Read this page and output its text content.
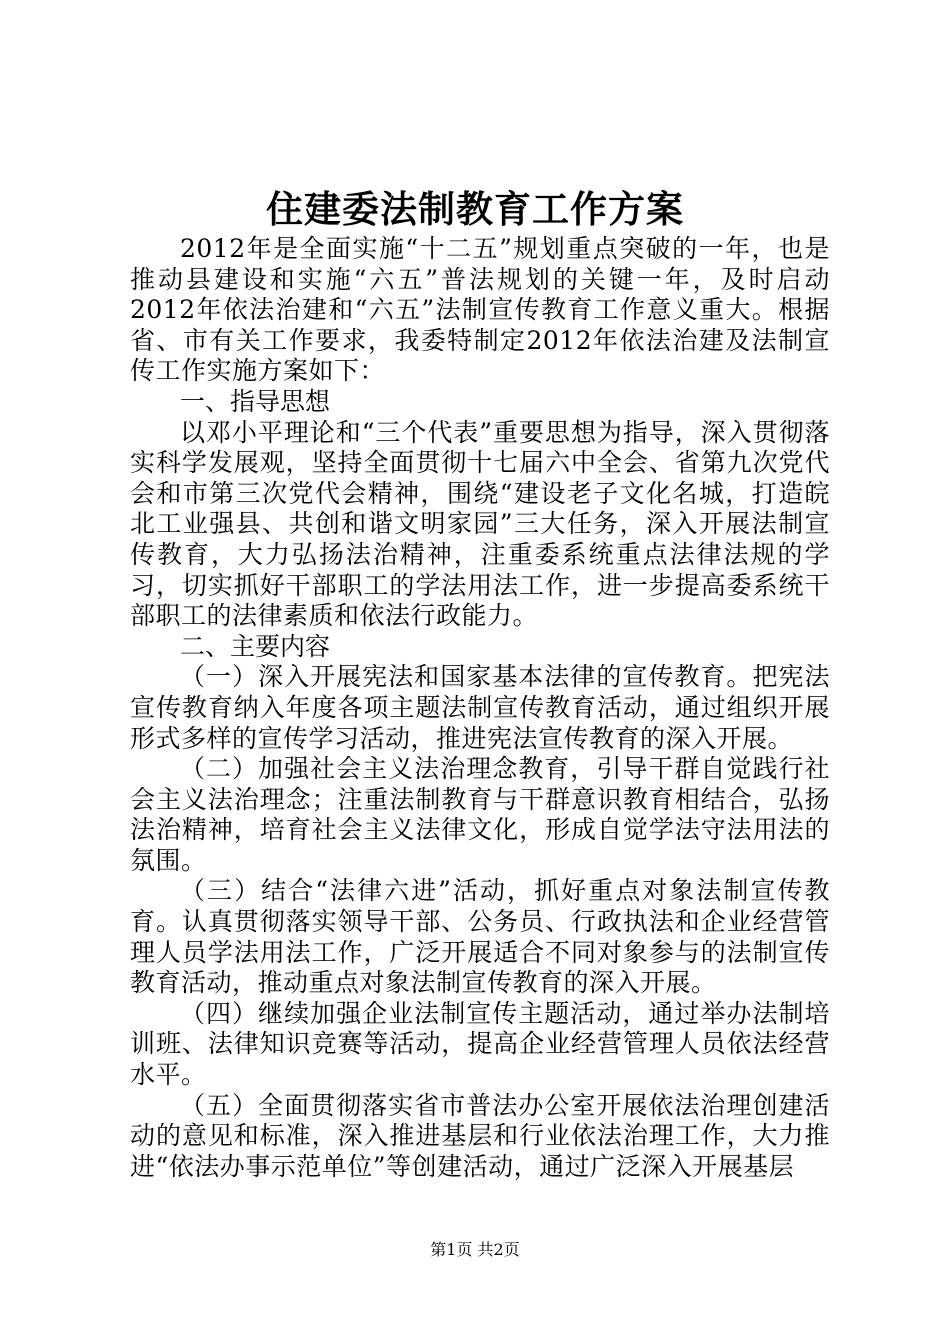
住建委法制教育工作方案

2012年是全面实施“十二五”规划重点突破的一年，也是推动县建设和实施“六五”普法规划的关键一年，及时启动2012年依法治建和“六五”法制宣传教育工作意义重大。根据省、市有关工作要求，我委特制定2012年依法治建及法制宣传工作实施方案如下：

一、指导思想

以邓小平理论和“三个代表”重要思想为指导，深入贯彻落实科学发展观，坚持全面贯彻十七届六中全会、省第九次党代会和市第三次党代会精神，围绕“建设老子文化名城，打造皖北工业强县、共创和谐文明家园”三大任务，深入开展法制宣传教育，大力弘扬法治精神，注重委系统重点法律法规的学习，切实抓好干部职工的学法用法工作，进一步提高委系统干部职工的法律素质和依法行政能力。

二、主要内容

（一）深入开展宪法和国家基本法律的宣传教育。把宪法宣传教育纳入年度各项主题法制宣传教育活动，通过组织开展形式多样的宣传学习活动，推进宪法宣传教育的深入开展。

（二）加强社会主义法治理念教育，引导干群自觉践行社会主义法治理念；注重法制教育与干群意识教育相结合，弘扬法治精神，培育社会主义法律文化，形成自觉学法守法用法的氛围。

（三）结合“法律六进”活动，抓好重点对象法制宣传教育。认真贯彻落实领导干部、公务员、行政执法和企业经营管理人员学法用法工作，广泛开展适合不同对象参与的法制宣传教育活动，推动重点对象法制宣传教育的深入开展。

（四）继续加强企业法制宣传主题活动，通过举办法制培训班、法律知识竞赛等活动，提高企业经营管理人员依法经营水平。

（五）全面贯彻落实省市普法办公室开展依法治理创建活动的意见和标准，深入推进基层和行业依法治理工作，大力推进“依法办事示范单位”等创建活动，通过广泛深入开展基层

第1页 共2页
